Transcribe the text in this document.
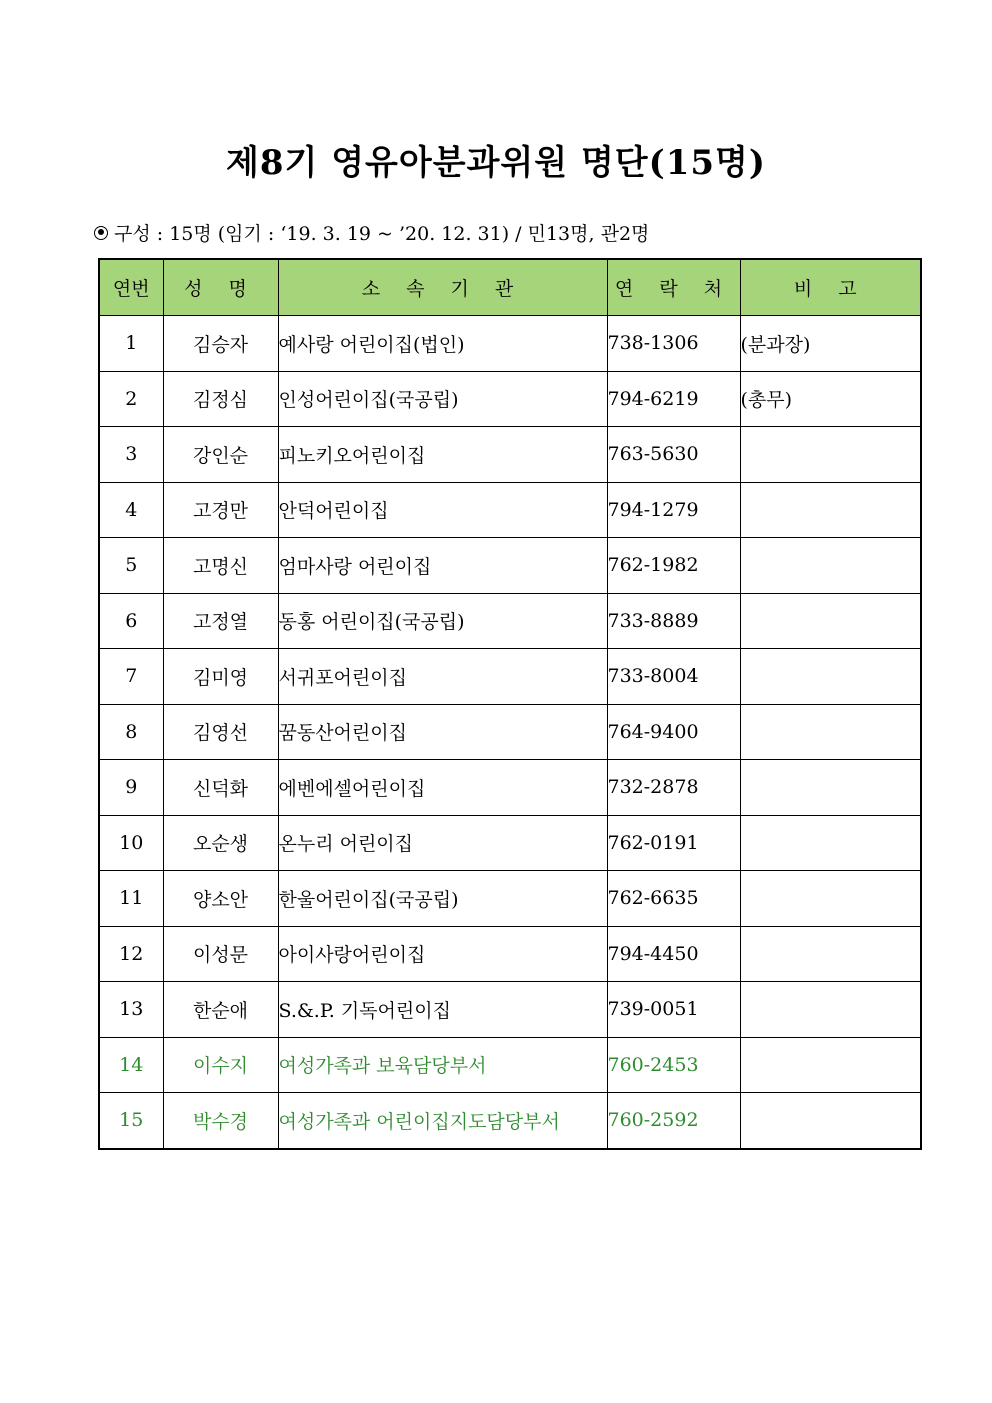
제8기 영유아분과위원 명단(15명)
구성 : 15명 (임기 : ‘19. 3. 19 ~ ’20. 12. 31) / 민13명, 관2명
연번	성 명	소 속 기 관	연 락 처	비 고
1	김승자	예사랑 어린이집(법인)	738-1306	(분과장)
2	김정심	인성어린이집(국공립)	794-6219	(총무)
3	강인순	피노키오어린이집	763-5630	
4	고경만	안덕어린이집	794-1279	
5	고명신	엄마사랑 어린이집	762-1982	
6	고정열	동홍 어린이집(국공립)	733-8889	
7	김미영	서귀포어린이집	733-8004	
8	김영선	꿈동산어린이집	764-9400	
9	신덕화	에벤에셀어린이집	732-2878	
10	오순생	온누리 어린이집	762-0191	
11	양소안	한울어린이집(국공립)	762-6635	
12	이성문	아이사랑어린이집	794-4450	
13	한순애	S.&.P. 기독어린이집	739-0051	
14	이수지	여성가족과 보육담당부서	760-2453	
15	박수경	여성가족과 어린이집지도담당부서	760-2592	
